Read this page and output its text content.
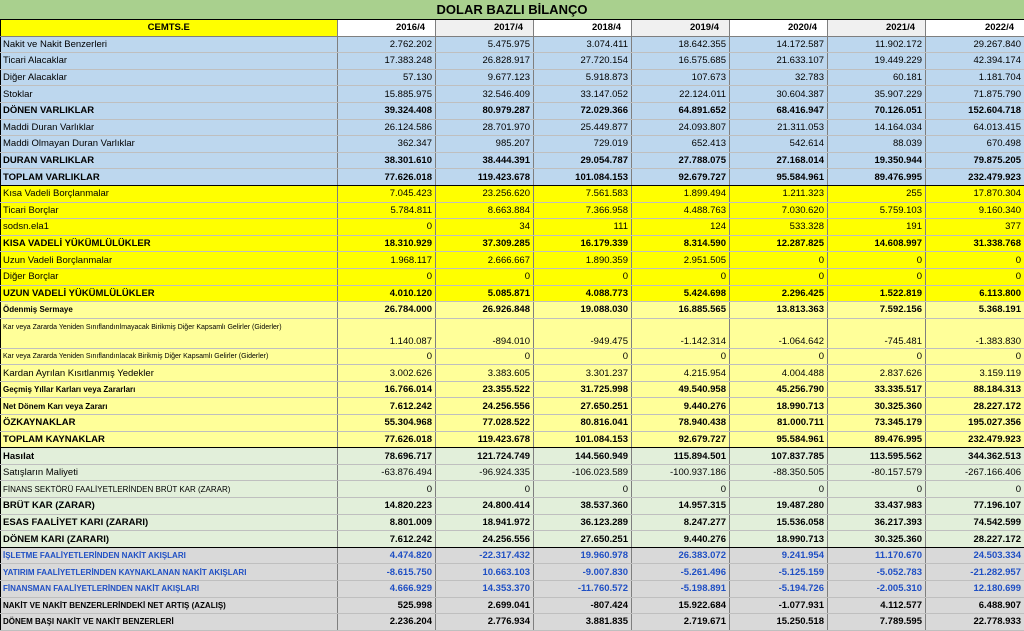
DOLAR BAZLI BİLANÇO
CEMTS.E	2016/4	2017/4	2018/4	2019/4	2020/4	2021/4	2022/4
Nakit ve Nakit Benzerleri	2.762.202	5.475.975	3.074.411	18.642.355	14.172.587	11.902.172	29.267.840
Ticari Alacaklar	17.383.248	26.828.917	27.720.154	16.575.685	21.633.107	19.449.229	42.394.174
Diğer Alacaklar	57.130	9.677.123	5.918.873	107.673	32.783	60.181	1.181.704
Stoklar	15.885.975	32.546.409	33.147.052	22.124.011	30.604.387	35.907.229	71.875.790
DÖNEN VARLIKLAR	39.324.408	80.979.287	72.029.366	64.891.652	68.416.947	70.126.051	152.604.718
Maddi Duran Varlıklar	26.124.586	28.701.970	25.449.877	24.093.807	21.311.053	14.164.034	64.013.415
Maddi Olmayan Duran Varlıklar	362.347	985.207	729.019	652.413	542.614	88.039	670.498
DURAN VARLIKLAR	38.301.610	38.444.391	29.054.787	27.788.075	27.168.014	19.350.944	79.875.205
TOPLAM VARLIKLAR	77.626.018	119.423.678	101.084.153	92.679.727	95.584.961	89.476.995	232.479.923
Kısa Vadeli Borçlanmalar	7.045.423	23.256.620	7.561.583	1.899.494	1.211.323	255	17.870.304
Ticari Borçlar	5.784.811	8.663.884	7.366.958	4.488.763	7.030.620	5.759.103	9.160.340
sodsn.ela1	0	34	111	124	533.328	191	377
KISA VADELİ YÜKÜMLÜLÜKLER	18.310.929	37.309.285	16.179.339	8.314.590	12.287.825	14.608.997	31.338.768
Uzun Vadeli Borçlanmalar	1.968.117	2.666.667	1.890.359	2.951.505	0	0	0
Diğer Borçlar	0	0	0	0	0	0	0
UZUN VADELİ YÜKÜMLÜLÜKLER	4.010.120	5.085.871	4.088.773	5.424.698	2.296.425	1.522.819	6.113.800
Ödenmiş Sermaye	26.784.000	26.926.848	19.088.030	16.885.565	13.813.363	7.592.156	5.368.191
Kar veya Zararda Yeniden Sınıflandırılmayacak Birikmiş Diğer Kapsamlı Gelirler (Giderler)	1.140.087	-894.010	-949.475	-1.142.314	-1.064.642	-745.481	-1.383.830
Kar veya Zararda Yeniden Sınıflandırılacak Birikmiş Diğer Kapsamlı Gelirler (Giderler)	0	0	0	0	0	0	0
Kardan Ayrılan Kısıtlanmış Yedekler	3.002.626	3.383.605	3.301.237	4.215.954	4.004.488	2.837.626	3.159.119
Geçmiş Yıllar Karları veya Zararları	16.766.014	23.355.522	31.725.998	49.540.958	45.256.790	33.335.517	88.184.313
Net Dönem Karı veya Zararı	7.612.242	24.256.556	27.650.251	9.440.276	18.990.713	30.325.360	28.227.172
ÖZKAYNAKLAR	55.304.968	77.028.522	80.816.041	78.940.438	81.000.711	73.345.179	195.027.356
TOPLAM KAYNAKLAR	77.626.018	119.423.678	101.084.153	92.679.727	95.584.961	89.476.995	232.479.923
Hasılat	78.696.717	121.724.749	144.560.949	115.894.501	107.837.785	113.595.562	344.362.513
Satışların Maliyeti	-63.876.494	-96.924.335	-106.023.589	-100.937.186	-88.350.505	-80.157.579	-267.166.406
FİNANS SEKTÖRÜ FAALİYETLERİNDEN BRÜT KAR (ZARAR)	0	0	0	0	0	0	0
BRÜT KAR (ZARAR)	14.820.223	24.800.414	38.537.360	14.957.315	19.487.280	33.437.983	77.196.107
ESAS FAALİYET KARI (ZARARI)	8.801.009	18.941.972	36.123.289	8.247.277	15.536.058	36.217.393	74.542.599
DÖNEM KARI (ZARARI)	7.612.242	24.256.556	27.650.251	9.440.276	18.990.713	30.325.360	28.227.172
İŞLETME FAALİYETLERİNDEN NAKİT AKIŞLARI	4.474.820	-22.317.432	19.960.978	26.383.072	9.241.954	11.170.670	24.503.334
YATIRIM FAALİYETLERİNDEN KAYNAKLANAN NAKİT AKIŞLARI	-8.615.750	10.663.103	-9.007.830	-5.261.496	-5.125.159	-5.052.783	-21.282.957
FİNANSMAN FAALİYETLERİNDEN NAKİT AKIŞLARI	4.666.929	14.353.370	-11.760.572	-5.198.891	-5.194.726	-2.005.310	12.180.699
NAKİT VE NAKİT BENZERLERİNDEKİ NET ARTIŞ (AZALIŞ)	525.998	2.699.041	-807.424	15.922.684	-1.077.931	4.112.577	6.488.907
DÖNEM BAŞI NAKİT VE NAKİT BENZERLERİ	2.236.204	2.776.934	3.881.835	2.719.671	15.250.518	7.789.595	22.778.933
